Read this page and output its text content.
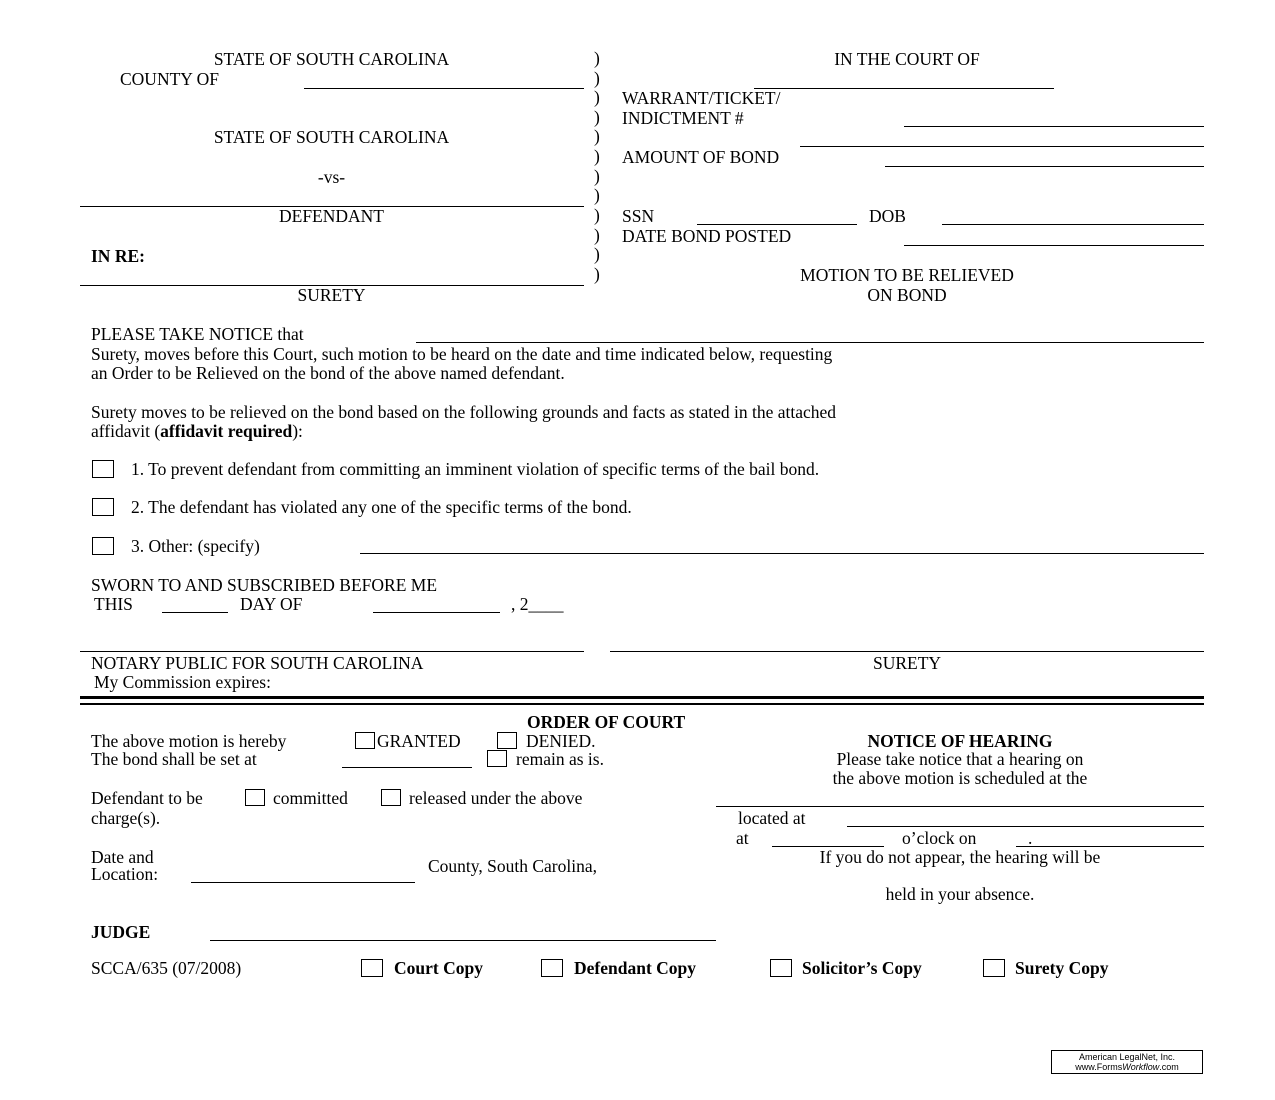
STATE OF SOUTH CAROLINA
COUNTY OF
STATE OF SOUTH CAROLINA
-vs-
DEFENDANT
IN RE:
SURETY
)
)
)
)
)
)
)
)
)
)
)
)
IN THE COURT OF
WARRANT/TICKET/
INDICTMENT #
AMOUNT OF BOND
SSN	DOB
DATE BOND POSTED
MOTION TO BE RELIEVED
ON BOND
PLEASE TAKE NOTICE that
Surety, moves before this Court, such motion to be heard on the date and time indicated below, requesting
an Order to be Relieved on the bond of the above named defendant.
Surety moves to be relieved on the bond based on the following grounds and facts as stated in the attached
affidavit (affidavit required):
1. To prevent defendant from committing an imminent violation of specific terms of the bail bond.
2. The defendant has violated any one of the specific terms of the bond.
3. Other: (specify)
SWORN TO AND SUBSCRIBED BEFORE ME
THIS	DAY OF	, 2____
NOTARY PUBLIC FOR SOUTH CAROLINA	SURETY
My Commission expires:
ORDER OF COURT
The above motion is hereby	GRANTED	DENIED.
The bond shall be set at	remain as is.
Defendant to be	committed	released under the above
charge(s).
Date and
Location:	County, South Carolina,
JUDGE
NOTICE OF HEARING
Please take notice that a hearing on
the above motion is scheduled at the
located at
at	o’clock on	.
If you do not appear, the hearing will be
held in your absence.
SCCA/635 (07/2008)	Court Copy	Defendant Copy	Solicitor’s Copy	Surety Copy
American LegalNet, Inc.
www.FormsWorkflow.com
